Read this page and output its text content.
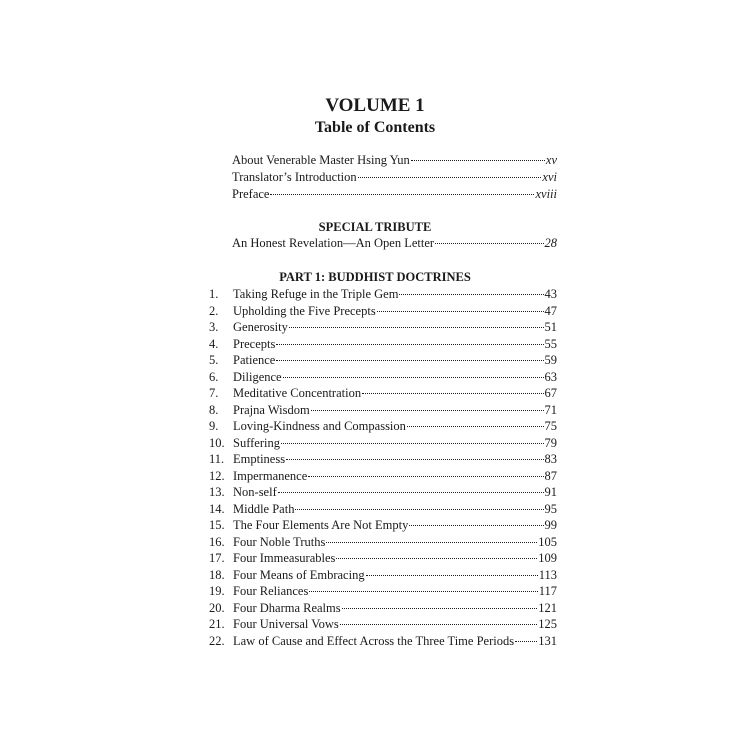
VOLUME 1
Table of Contents
About Venerable Master Hsing Yun	xv
Translator’s Introduction	xvi
Preface	xviii
SPECIAL TRIBUTE
An Honest Revelation—An Open Letter	28
PART 1: BUDDHIST DOCTRINES
1. Taking Refuge in the Triple Gem	43
2. Upholding the Five Precepts	47
3. Generosity	51
4. Precepts	55
5. Patience	59
6. Diligence	63
7. Meditative Concentration	67
8. Prajna Wisdom	71
9. Loving-Kindness and Compassion	75
10. Suffering	79
11. Emptiness	83
12. Impermanence	87
13. Non-self	91
14. Middle Path	95
15. The Four Elements Are Not Empty	99
16. Four Noble Truths	105
17. Four Immeasurables	109
18. Four Means of Embracing	113
19. Four Reliances	117
20. Four Dharma Realms	121
21. Four Universal Vows	125
22. Law of Cause and Effect Across the Three Time Periods 131
